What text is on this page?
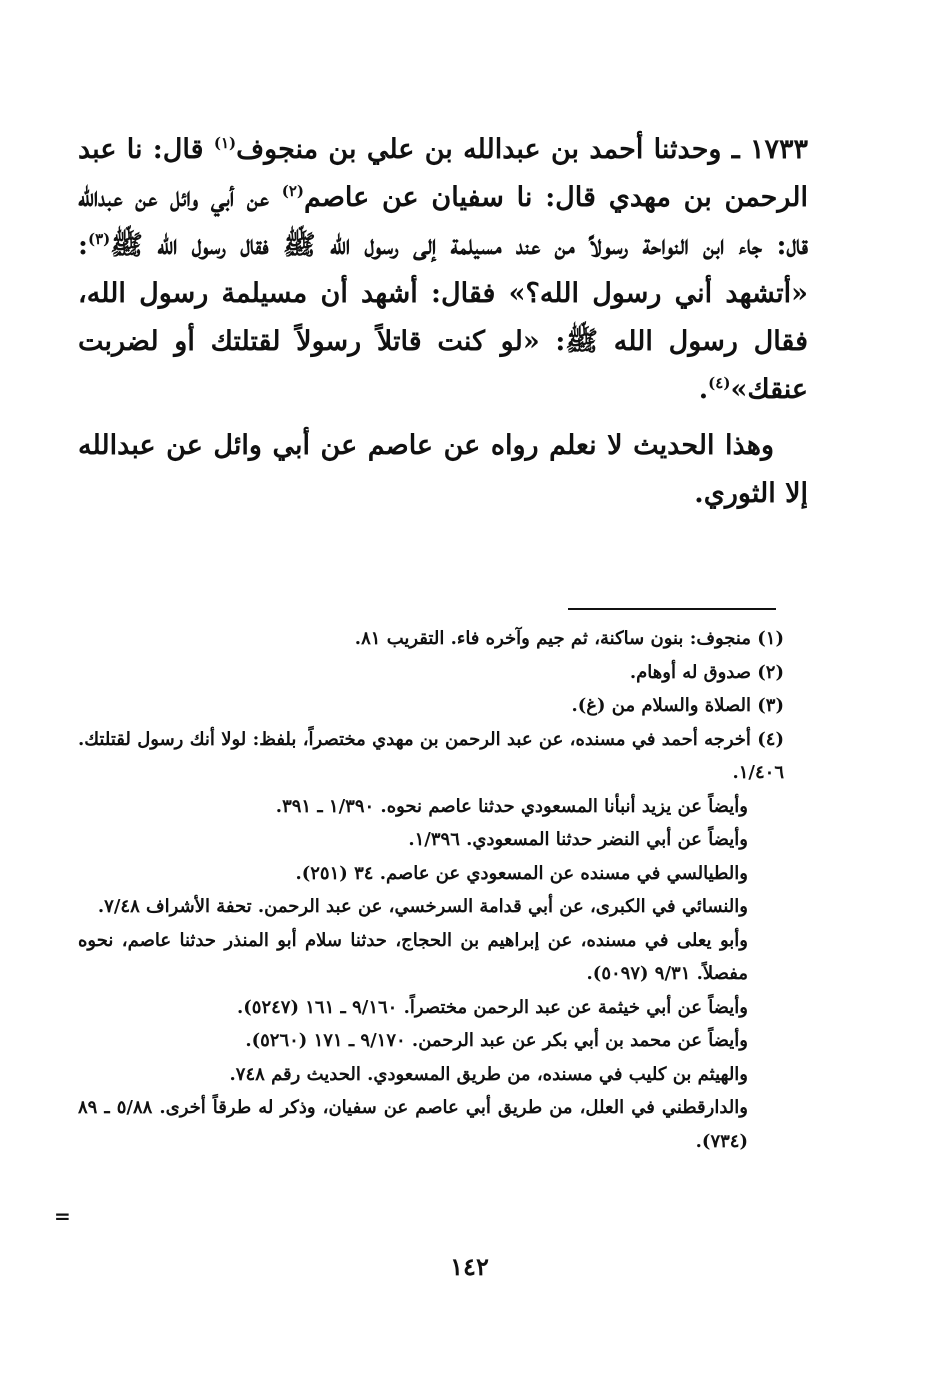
١٧٣٣ ـ وحدثنا أحمد بن عبدالله بن علي بن منجوف$^{(١)}$ قال: نا عبد الرحمن بن مهدي قال: نا سفيان عن عاصم$^{(٢)}$ عن أبي وائل عن عبدالله قال: جاء ابن النواحة رسولاً من عند مسيلمة إلى رسول الله ﷺ فقال رسول الله ﷺ$^{(٣)}$: «أتشهد أني رسول الله؟» فقال: أشهد أن مسيلمة رسول الله، فقال رسول الله ﷺ: «لو كنت قاتلاً رسولاً لقتلتك أو لضربت عنقك»$^{(٤)}$.

وهذا الحديث لا نعلم رواه عن عاصم عن أبي وائل عن عبدالله إلا الثوري.

(١) منجوف: بنون ساكنة، ثم جيم وآخره فاء. التقريب ٨١.

(٢) صدوق له أوهام.

(٣) الصلاة والسلام من (غ).

(٤) أخرجه أحمد في مسنده، عن عبد الرحمن بن مهدي مختصراً، بلفظ: لولا أنك رسول لقتلتك. ١/٤٠٦.

وأيضاً عن يزيد أنبأنا المسعودي حدثنا عاصم نحوه. ١/٣٩٠ ـ ٣٩١.

وأيضاً عن أبي النضر حدثنا المسعودي. ١/٣٩٦.

والطيالسي في مسنده عن المسعودي عن عاصم. ٣٤ (٢٥١).

والنسائي في الكبرى، عن أبي قدامة السرخسي، عن عبد الرحمن. تحفة الأشراف ٧/٤٨.

وأبو يعلى في مسنده، عن إبراهيم بن الحجاج، حدثنا سلام أبو المنذر حدثنا عاصم، نحوه مفصلاً. ٩/٣١ (٥٠٩٧).

وأيضاً عن أبي خيثمة عن عبد الرحمن مختصراً. ٩/١٦٠ ـ ١٦١ (٥٢٤٧).

وأيضاً عن محمد بن أبي بكر عن عبد الرحمن. ٩/١٧٠ ـ ١٧١ (٥٢٦٠).

والهيثم بن كليب في مسنده، من طريق المسعودي. الحديث رقم ٧٤٨.

والدارقطني في العلل، من طريق أبي عاصم عن سفيان، وذكر له طرقاً أخرى. ٥/٨٨ ـ ٨٩ (٧٣٤).

=
١٤٢
